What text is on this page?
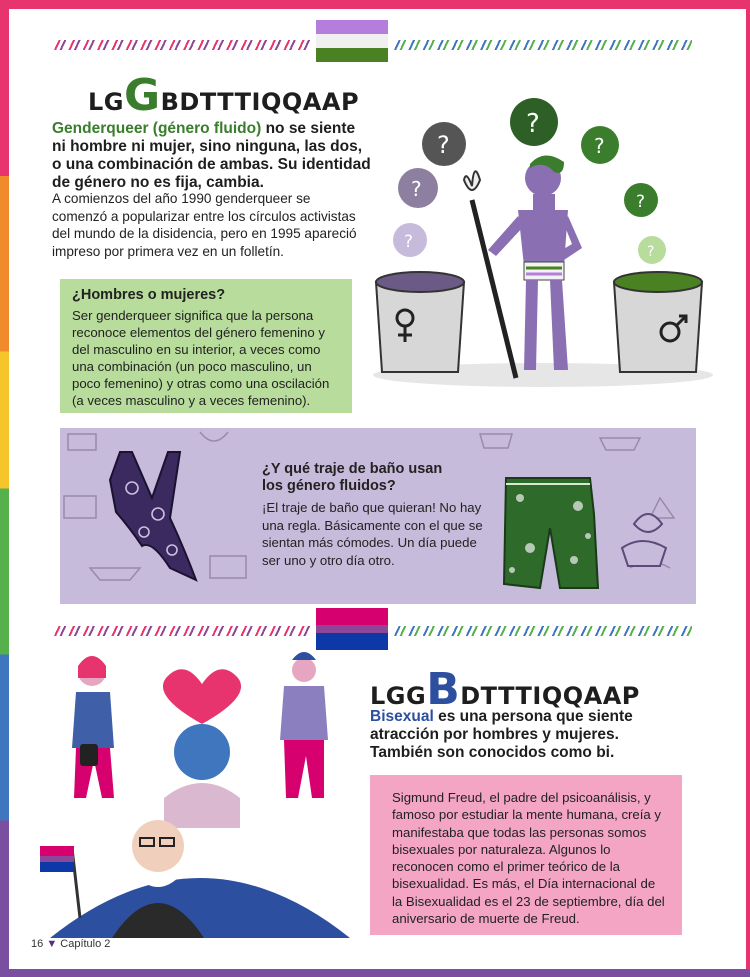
LGGBDTTTIQQAAP
Genderqueer (género fluido) no se siente ni hombre ni mujer, sino ninguna, las dos, o una combinación de ambas. Su identidad de género no es fija, cambia.
A comienzos del año 1990 genderqueer se comenzó a popularizar entre los círculos activistas del mundo de la disidencia, pero en 1995 apareció impreso por primera vez en un folletín.
?
?
?
?
?
?	?
¿Hombres o mujeres?

Ser genderqueer significa que la persona reconoce elementos del género femenino y del masculino en su interior, a veces como una combinación (un poco masculino, un poco femenino) y otras como una oscilación (a veces masculino y a veces femenino).

¿Y qué traje de baño usan los género fluidos?

¡El traje de baño que quieran! No hay una regla. Básicamente con el que se sientan más cómodes. Un día puede ser uno y otro día otro.

LGGBDTTTIQQAAP
Bisexual es una persona que siente atracción por hombres y mujeres. También son conocidos como bi.

Sigmund Freud, el padre del psicoanálisis, y famoso por estudiar la mente humana, creía y manifestaba que todas las personas somos bisexuales por naturaleza. Algunos lo reconocen como el primer teórico de la bisexualidad. Es más, el Día internacional de la Bisexualidad es el 23 de septiembre, día del aniversario de muerte de Freud.

16 ▼ Capítulo 2
